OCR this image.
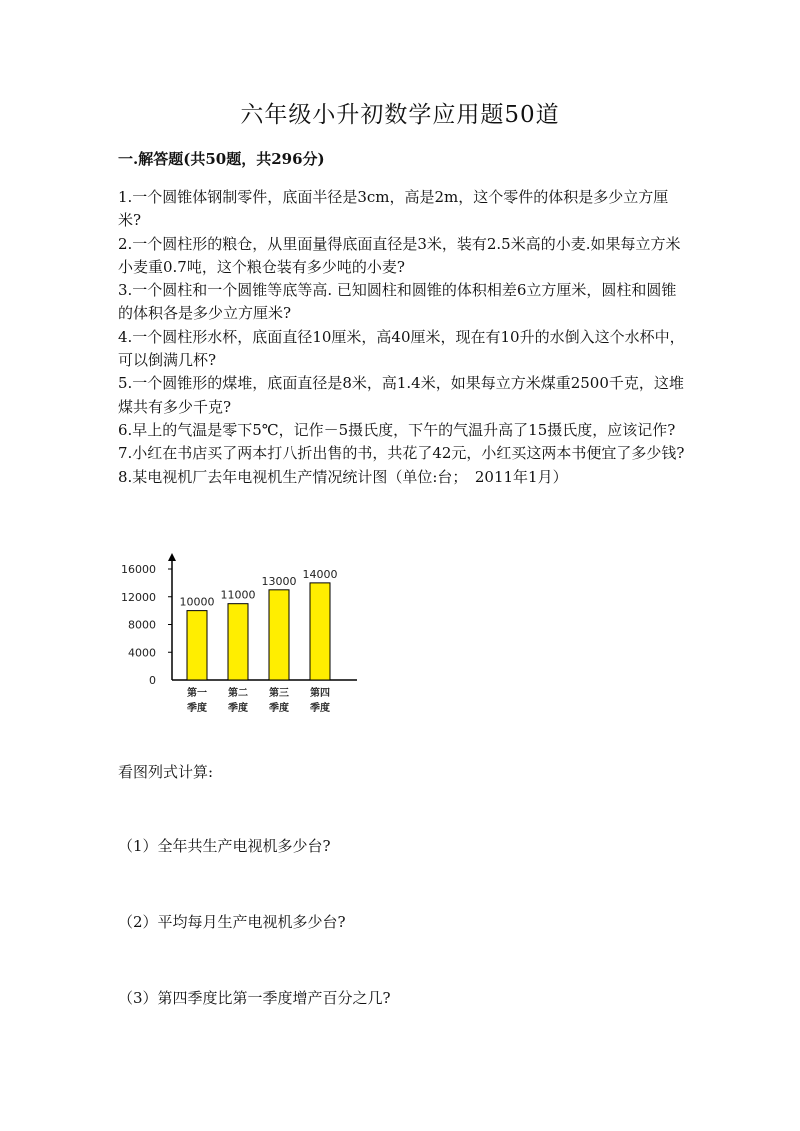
六年级小升初数学应用题50道
一.解答题(共50题，共296分)

1.一个圆锥体钢制零件，底面半径是3cm，高是2m，这个零件的体积是多少立方厘米?

2.一个圆柱形的粮仓，从里面量得底面直径是3米，装有2.5米高的小麦.如果每立方米小麦重0.7吨，这个粮仓装有多少吨的小麦?

3.一个圆柱和一个圆锥等底等高. 已知圆柱和圆锥的体积相差6立方厘米，圆柱和圆锥的体积各是多少立方厘米?

4.一个圆柱形水杯，底面直径10厘米，高40厘米，现在有10升的水倒入这个水杯中，可以倒满几杯?

5.一个圆锥形的煤堆，底面直径是8米，高1.4米，如果每立方米煤重2500千克，这堆煤共有多少千克?

6.早上的气温是零下5℃，记作－5摄氏度，下午的气温升高了15摄氏度，应该记作?

7.小红在书店买了两本打八折出售的书，共花了42元，小红买这两本书便宜了多少钱?

8.某电视机厂去年电视机生产情况统计图（单位:台；　2011年1月）

0
4000
8000
12000
16000
10000
第一
季度
11000
第二
季度
13000
第三
季度
14000
第四
季度
看图列式计算:
（1）全年共生产电视机多少台?
（2）平均每月生产电视机多少台?
（3）第四季度比第一季度增产百分之几?
